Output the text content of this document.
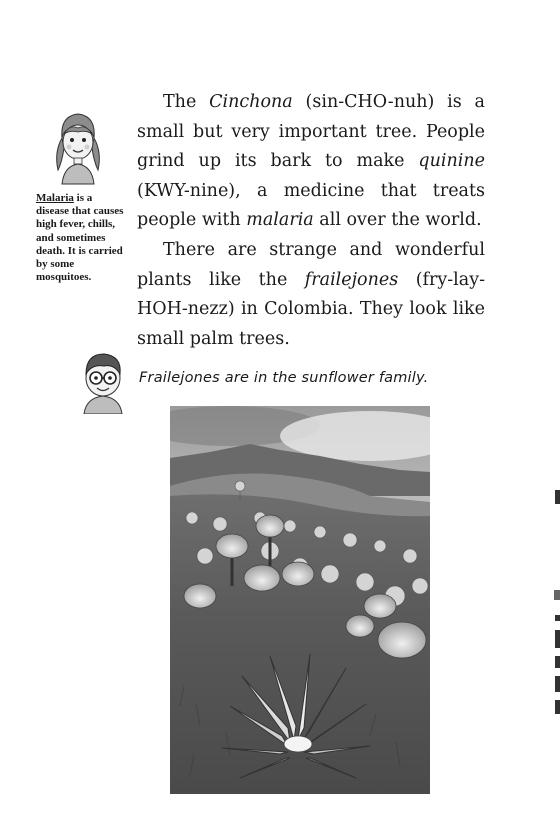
The Cinchona (sin-CHO-nuh) is a small but very important tree. People grind up its bark to make quinine (KWY-nine), a medicine that treats people with malaria all over the world.

There are strange and wonderful plants like the frailejones (fry-lay-HOH-nezz) in Colombia. They look like small palm trees.

Malaria is a disease that causes high fever, chills, and sometimes death. It is carried by some mosquitoes.
Frailejones are in the sunflower family.
